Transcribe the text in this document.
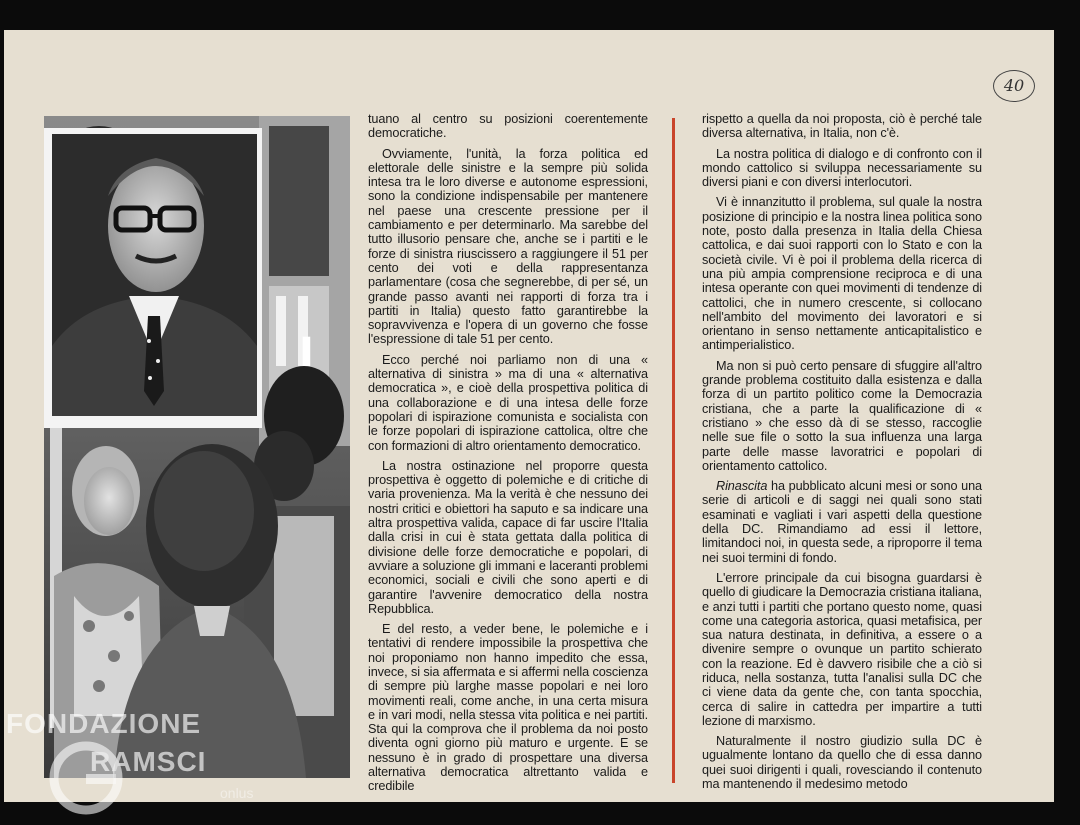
40
I

tuano al centro su posizioni coerentemente democratiche.

Ovviamente, l'unità, la forza politica ed elettorale delle sinistre e la sempre più solida intesa tra le loro diverse e autonome espressioni, sono la condizione indispensabile per mantenere nel paese una crescente pressione per il cambiamento e per determinarlo. Ma sarebbe del tutto illusorio pensare che, anche se i partiti e le forze di sinistra riuscissero a raggiungere il 51 per cento dei voti e della rappresentanza parlamentare (cosa che segnerebbe, di per sé, un grande passo avanti nei rapporti di forza tra i partiti in Italia) questo fatto garantirebbe la sopravvivenza e l'opera di un governo che fosse l'espressione di tale 51 per cento.

Ecco perché noi parliamo non di una « alternativa di sinistra » ma di una « alternativa democratica », e cioè della prospettiva politica di una collaborazione e di una intesa delle forze popolari di ispirazione comunista e socialista con le forze popolari di ispirazione cattolica, oltre che con formazioni di altro orientamento democratico.

La nostra ostinazione nel proporre questa prospettiva è oggetto di polemiche e di critiche di varia provenienza. Ma la verità è che nessuno dei nostri critici e obiettori ha saputo e sa indicare una altra prospettiva valida, capace di far uscire l'Italia dalla crisi in cui è stata gettata dalla politica di divisione delle forze democratiche e popolari, di avviare a soluzione gli immani e laceranti problemi economici, sociali e civili che sono aperti e di garantire l'avvenire democratico della nostra Repubblica.

E del resto, a veder bene, le polemiche e i tentativi di rendere impossibile la prospettiva che noi proponiamo non hanno impedito che essa, invece, si sia affermata e si affermi nella coscienza di sempre più larghe masse popolari e nei loro movimenti reali, come anche, in una certa misura e in vari modi, nella stessa vita politica e nei partiti. Sta qui la comprova che il problema da noi posto diventa ogni giorno più maturo e urgente. E se nessuno è in grado di prospettare una diversa alternativa democratica altrettanto valida e credibile

rispetto a quella da noi proposta, ciò è perché tale diversa alternativa, in Italia, non c'è.

La nostra politica di dialogo e di confronto con il mondo cattolico si sviluppa necessariamente su diversi piani e con diversi interlocutori.

Vi è innanzitutto il problema, sul quale la nostra posizione di principio e la nostra linea politica sono note, posto dalla presenza in Italia della Chiesa cattolica, e dai suoi rapporti con lo Stato e con la società civile. Vi è poi il problema della ricerca di una più ampia comprensione reciproca e di una intesa operante con quei movimenti di tendenze di cattolici, che in numero crescente, si collocano nell'ambito del movimento dei lavoratori e si orientano in senso nettamente anticapitalistico e antimperialistico.

Ma non si può certo pensare di sfuggire all'altro grande problema costituito dalla esistenza e dalla forza di un partito politico come la Democrazia cristiana, che a parte la qualificazione di « cristiano » che esso dà di se stesso, raccoglie nelle sue file o sotto la sua influenza una larga parte delle masse lavoratrici e popolari di orientamento cattolico.

Rinascita ha pubblicato alcuni mesi or sono una serie di articoli e di saggi nei quali sono stati esaminati e vagliati i vari aspetti della questione della DC. Rimandiamo ad essi il lettore, limitandoci noi, in questa sede, a riproporre il tema nei suoi termini di fondo.

L'errore principale da cui bisogna guardarsi è quello di giudicare la Democrazia cristiana italiana, e anzi tutti i partiti che portano questo nome, quasi come una categoria astorica, quasi metafisica, per sua natura destinata, in definitiva, a essere o a divenire sempre o ovunque un partito schierato con la reazione. Ed è davvero risibile che a ciò si riduca, nella sostanza, tutta l'analisi sulla DC che ci viene data da gente che, con tanta spocchia, cerca di salire in cattedra per impartire a tutti lezione di marxismo.

Naturalmente il nostro giudizio sulla DC è ugualmente lontano da quello che di essa danno quei suoi dirigenti i quali, rovesciando il contenuto ma mantenendo il medesimo metodo

FONDAZIONE
G
RAMSCI
onlus
